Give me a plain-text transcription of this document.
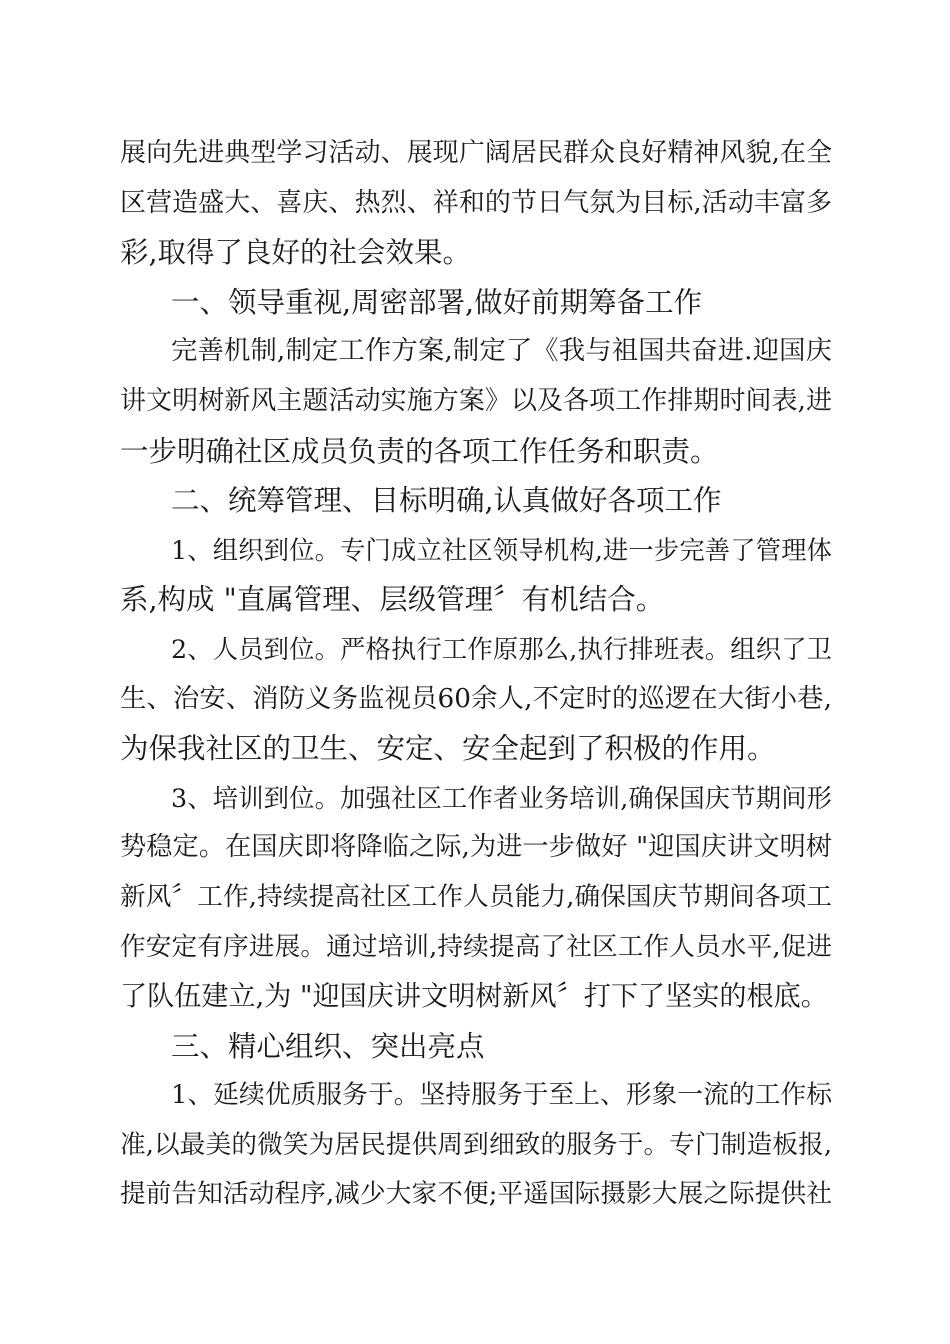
展向先进典型学习活动、展现广阔居民群众良好精神风貌,在全
区营造盛大、喜庆、热烈、祥和的节日气氛为目标,活动丰富多
彩,取得了良好的社会效果。
一、领导重视,周密部署,做好前期筹备工作
完善机制,制定工作方案,制定了《我与祖国共奋进.迎国庆
讲文明树新风主题活动实施方案》以及各项工作排期时间表,进
一步明确社区成员负责的各项工作任务和职责。
二、统筹管理、目标明确,认真做好各项工作
1、组织到位。专门成立社区领导机构,进一步完善了管理体
系,构成 "直属管理、层级管理〞有机结合。
2、人员到位。严格执行工作原那么,执行排班表。组织了卫
生、治安、消防义务监视员60余人,不定时的巡逻在大街小巷,
为保我社区的卫生、安定、安全起到了积极的作用。
3、培训到位。加强社区工作者业务培训,确保国庆节期间形
势稳定。在国庆即将降临之际,为进一步做好 "迎国庆讲文明树
新风〞工作,持续提高社区工作人员能力,确保国庆节期间各项工
作安定有序进展。通过培训,持续提高了社区工作人员水平,促进
了队伍建立,为 "迎国庆讲文明树新风〞打下了坚实的根底。
三、精心组织、突出亮点
1、延续优质服务于。坚持服务于至上、形象一流的工作标
准,以最美的微笑为居民提供周到细致的服务于。专门制造板报,
提前告知活动程序,减少大家不便;平遥国际摄影大展之际提供社
